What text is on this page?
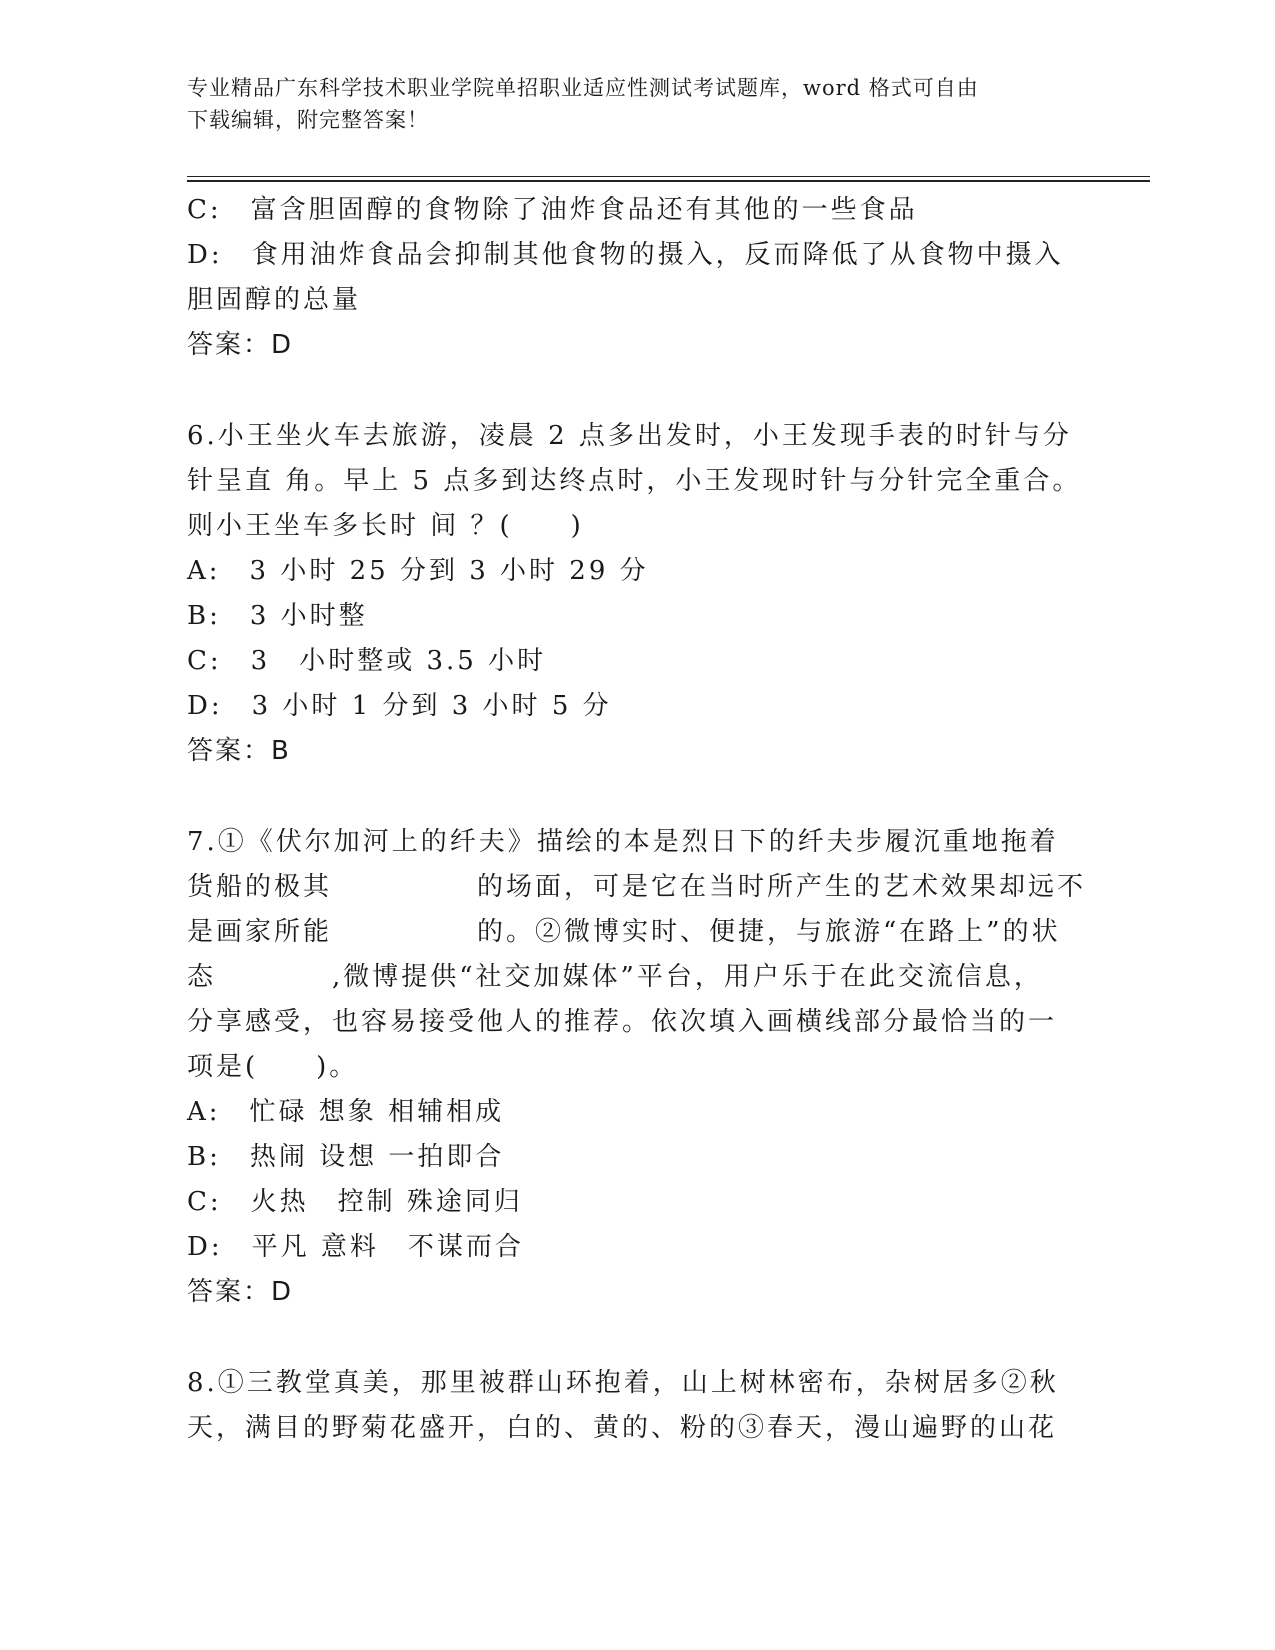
专业精品广东科学技术职业学院单招职业适应性测试考试题库，word 格式可自由
下载编辑，附完整答案！
C:　富含胆固醇的食物除了油炸食品还有其他的一些食品
D:　食用油炸食品会抑制其他食物的摄入，反而降低了从食物中摄入
胆固醇的总量
答案：D
6.小王坐火车去旅游，凌晨 2 点多出发时，小王发现手表的时针与分
针呈直 角。早上 5 点多到达终点时，小王发现时针与分针完全重合。
则小王坐车多长时 间 ？(　　)
A:　3 小时 25 分到 3 小时 29 分
B:　3 小时整
C:　3　小时整或 3.5 小时
D:　3 小时 1 分到 3 小时 5 分
答案：B
7.①《伏尔加河上的纤夫》描绘的本是烈日下的纤夫步履沉重地拖着
货船的极其　　　　　的场面，可是它在当时所产生的艺术效果却远不
是画家所能　　　　　的。②微博实时、便捷，与旅游“在路上”的状
态　　　　,微博提供“社交加媒体”平台，用户乐于在此交流信息，
分享感受，也容易接受他人的推荐。依次填入画横线部分最恰当的一
项是(　　)。
A:　忙碌 想象 相辅相成
B:　热闹 设想 一拍即合
C:　火热　控制 殊途同归
D:　平凡 意料　不谋而合
答案：D
8.①三教堂真美，那里被群山环抱着，山上树林密布，杂树居多②秋
天，满目的野菊花盛开，白的、黄的、粉的③春天，漫山遍野的山花
